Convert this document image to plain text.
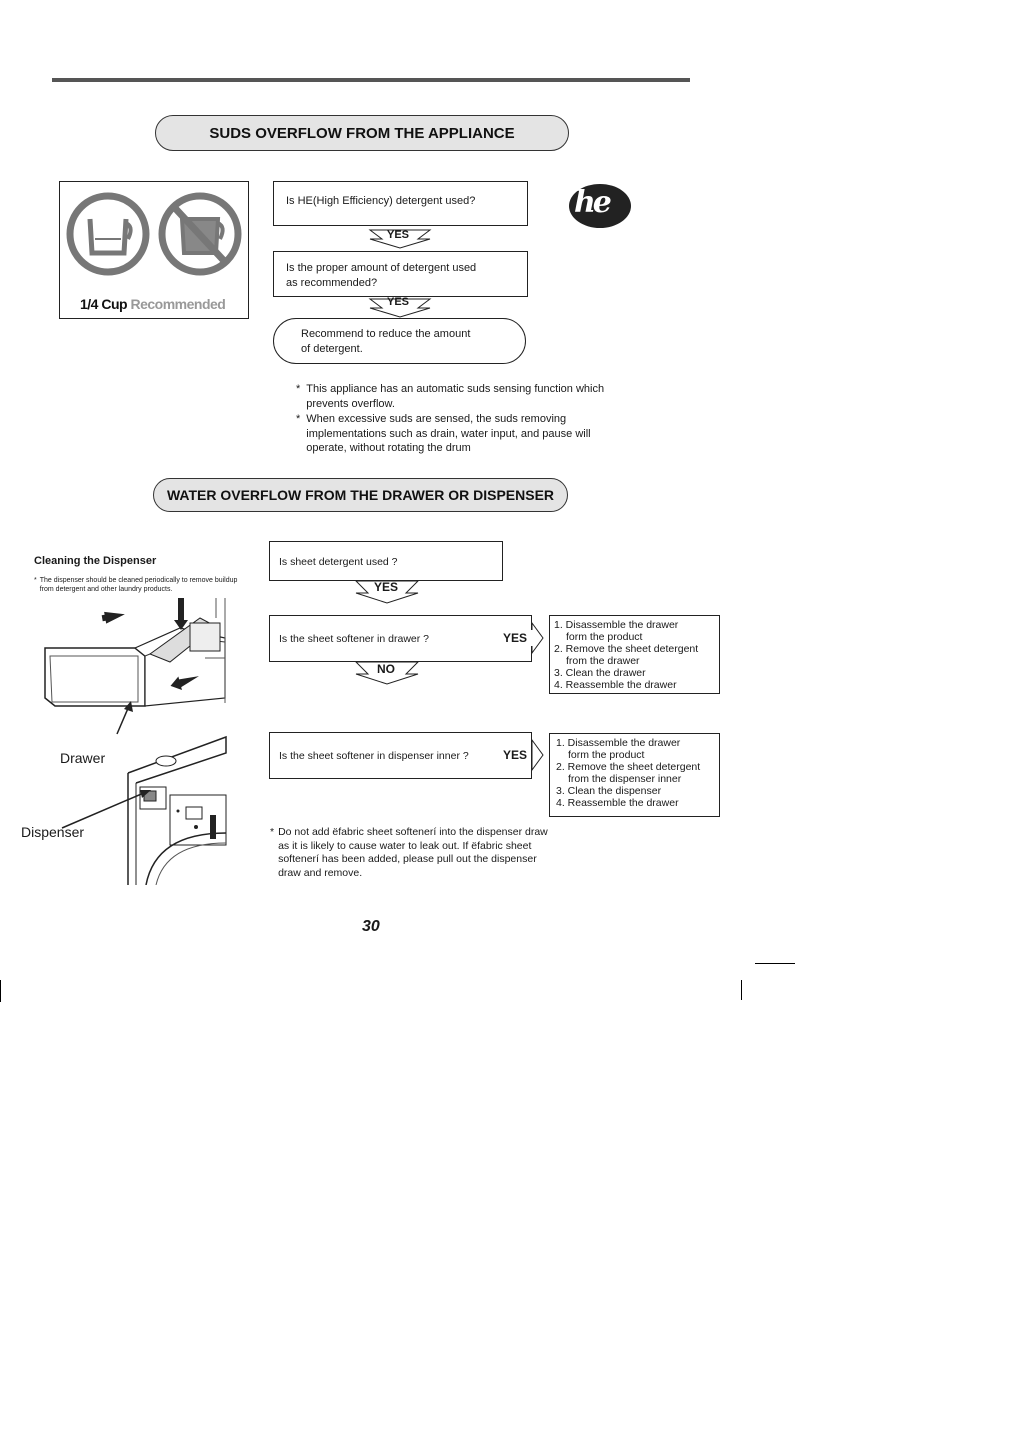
SUDS OVERFLOW FROM THE APPLIANCE
1/4 Cup Recommended
he
Is HE(High Efficiency) detergent used?
YES
Is the proper amount of detergent used
as recommended?
YES
Recommend to reduce the amount
of detergent.
* This appliance has an automatic suds sensing function which prevents overflow.
* When excessive suds are sensed, the suds removing implementations such as drain, water input, and pause will operate, without rotating the drum
WATER OVERFLOW FROM THE DRAWER OR DISPENSER
Cleaning the Dispenser
* The dispenser should be cleaned periodically to remove buildup from detergent and other laundry products.
Drawer
Dispenser
Is sheet detergent used ?
YES
Is the sheet softener in drawer ?	YES
NO
1. Disassemble the drawer
form the product
2. Remove the sheet detergent
from the drawer
3. Clean the drawer
4. Reassemble the drawer
Is the sheet softener in dispenser inner ?	YES
1. Disassemble the drawer
form the product
2. Remove the sheet detergent
from the dispenser inner
3. Clean the dispenser
4. Reassemble the drawer
* Do not add ëfabric sheet softenerí into the dispenser draw as it is likely to cause water to leak out. If ëfabric sheet softenerí has been added, please pull out the dispenser draw and remove.
30
